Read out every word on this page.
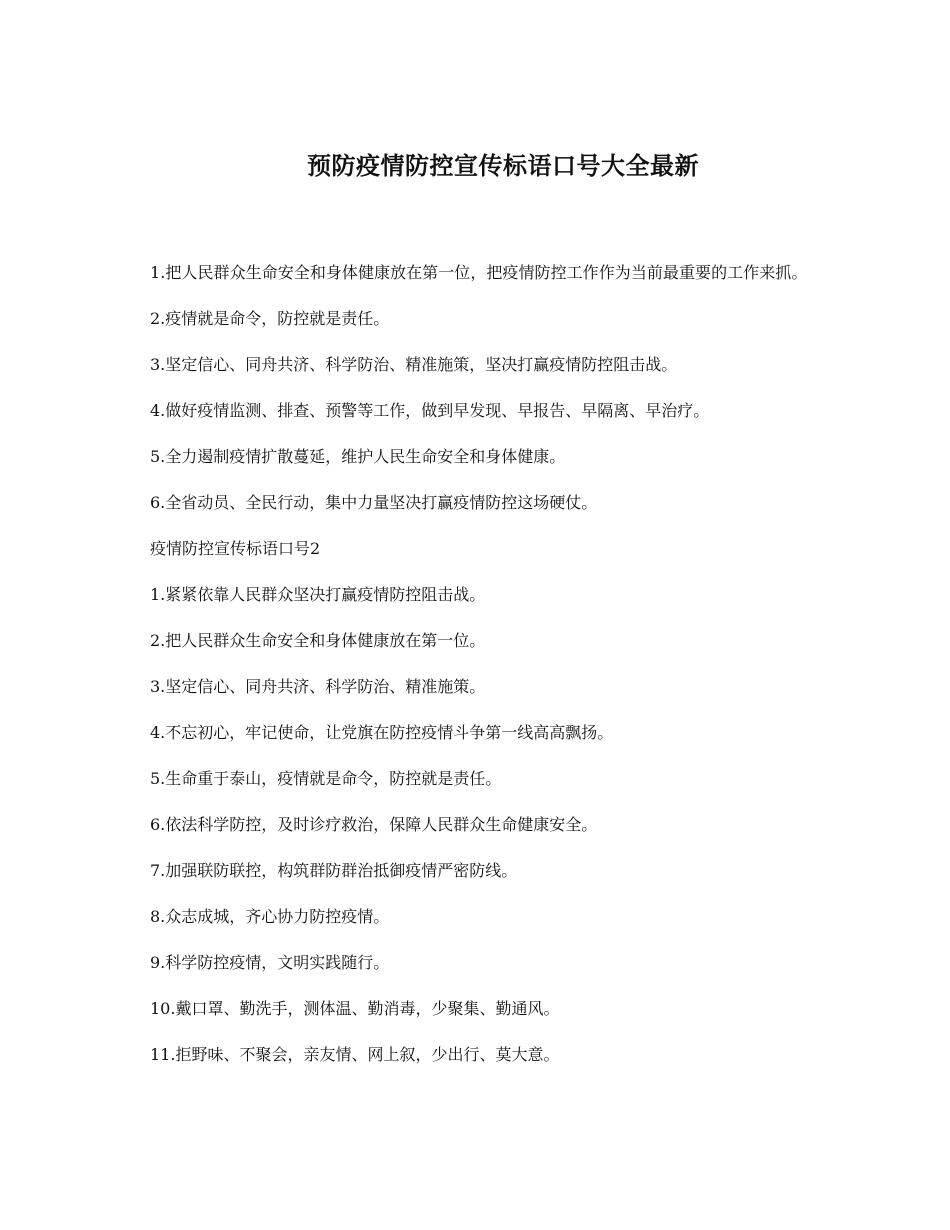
预防疫情防控宣传标语口号大全最新

1.把人民群众生命安全和身体健康放在第一位，把疫情防控工作作为当前最重要的工作来抓。

2.疫情就是命令，防控就是责任。

3.坚定信心、同舟共济、科学防治、精准施策，坚决打赢疫情防控阻击战。

4.做好疫情监测、排查、预警等工作，做到早发现、早报告、早隔离、早治疗。

5.全力遏制疫情扩散蔓延，维护人民生命安全和身体健康。

6.全省动员、全民行动，集中力量坚决打赢疫情防控这场硬仗。

疫情防控宣传标语口号2

1.紧紧依靠人民群众坚决打赢疫情防控阻击战。

2.把人民群众生命安全和身体健康放在第一位。

3.坚定信心、同舟共济、科学防治、精准施策。

4.不忘初心，牢记使命，让党旗在防控疫情斗争第一线高高飘扬。

5.生命重于泰山，疫情就是命令，防控就是责任。

6.依法科学防控，及时诊疗救治，保障人民群众生命健康安全。

7.加强联防联控，构筑群防群治抵御疫情严密防线。

8.众志成城，齐心协力防控疫情。

9.科学防控疫情，文明实践随行。

10.戴口罩、勤洗手，测体温、勤消毒，少聚集、勤通风。

11.拒野味、不聚会，亲友情、网上叙，少出行、莫大意。
